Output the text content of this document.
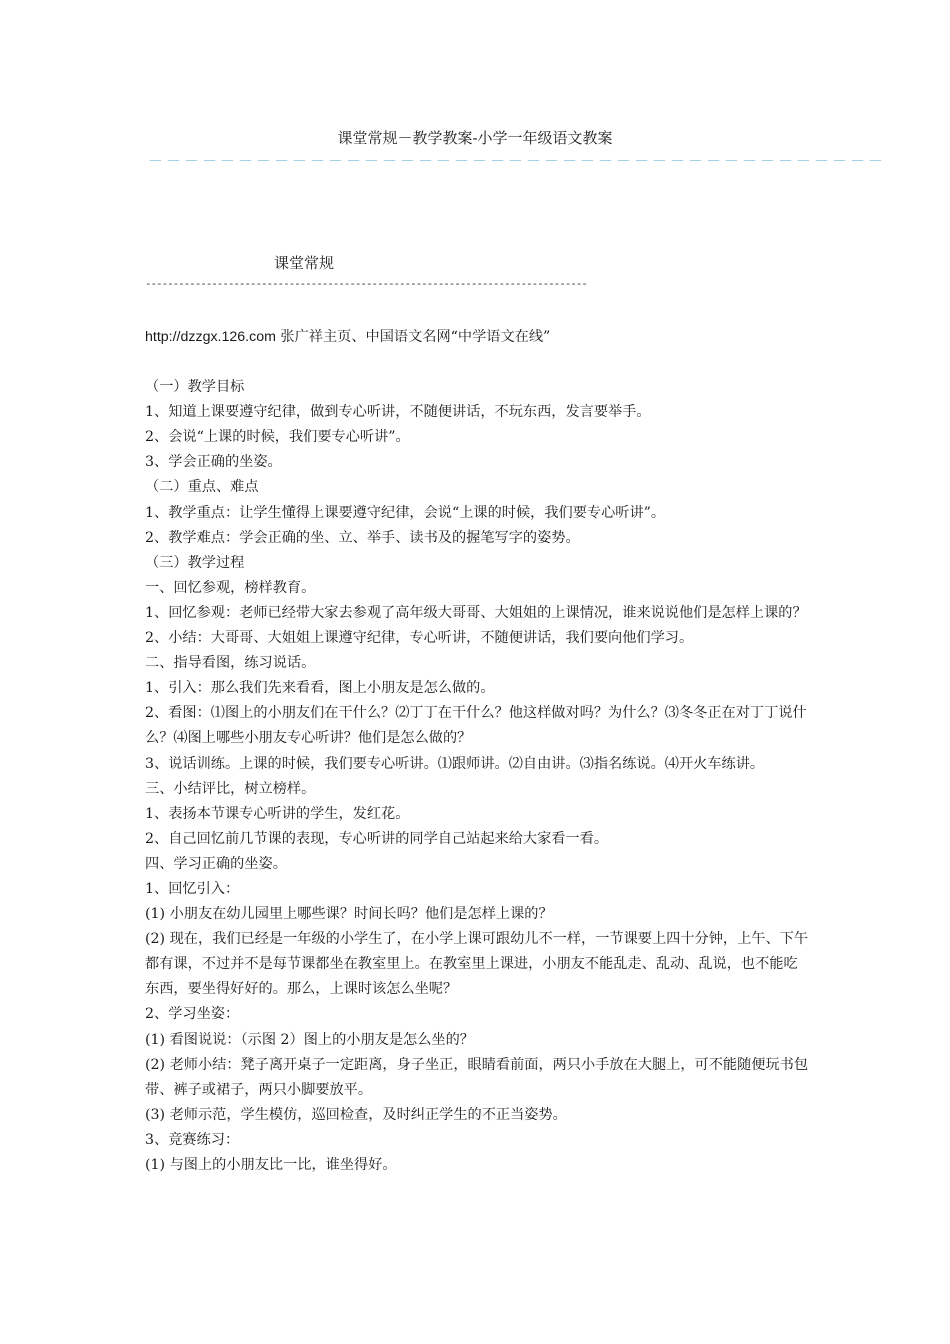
课堂常规－教学教案-小学一年级语文教案
－－－－－－－－－－－－－－－－－－－－－－－－－－－－－－－－－－－－－－－－－
课堂常规
--------------------------------------------------------------------------------

http://dzzgx.126.com 张广祥主页、中国语文名网“中学语文在线”

（一）教学目标

1、知道上课要遵守纪律，做到专心听讲，不随便讲话，不玩东西，发言要举手。

2、会说“上课的时候，我们要专心听讲”。

3、学会正确的坐姿。

（二）重点、难点

1、教学重点：让学生懂得上课要遵守纪律，会说“上课的时候，我们要专心听讲”。

2、教学难点：学会正确的坐、立、举手、读书及的握笔写字的姿势。

（三）教学过程

一、回忆参观，榜样教育。

1、回忆参观：老师已经带大家去参观了高年级大哥哥、大姐姐的上课情况，谁来说说他们是怎样上课的？

2、小结：大哥哥、大姐姐上课遵守纪律，专心听讲，不随便讲话，我们要向他们学习。

二、指导看图，练习说话。

1、引入：那么我们先来看看，图上小朋友是怎么做的。

2、看图：⑴图上的小朋友们在干什么？⑵丁丁在干什么？他这样做对吗？为什么？⑶冬冬正在对丁丁说什么？⑷图上哪些小朋友专心听讲？他们是怎么做的？

3、说话训练。上课的时候，我们要专心听讲。⑴跟师讲。⑵自由讲。⑶指名练说。⑷开火车练讲。

三、小结评比，树立榜样。

1、表扬本节课专心听讲的学生，发红花。

2、自己回忆前几节课的表现，专心听讲的同学自己站起来给大家看一看。

四、学习正确的坐姿。

1、回忆引入：

(1) 小朋友在幼儿园里上哪些课？时间长吗？他们是怎样上课的？

(2) 现在，我们已经是一年级的小学生了，在小学上课可跟幼儿不一样，一节课要上四十分钟，上午、下午都有课，不过并不是每节课都坐在教室里上。在教室里上课进，小朋友不能乱走、乱动、乱说，也不能吃东西，要坐得好好的。那么，上课时该怎么坐呢？

2、学习坐姿：

(1) 看图说说：（示图 2）图上的小朋友是怎么坐的？

(2) 老师小结：凳子离开桌子一定距离，身子坐正，眼睛看前面，两只小手放在大腿上，可不能随便玩书包带、裤子或裙子，两只小脚要放平。

(3) 老师示范，学生模仿，巡回检查，及时纠正学生的不正当姿势。

3、竞赛练习：

(1) 与图上的小朋友比一比，谁坐得好。
